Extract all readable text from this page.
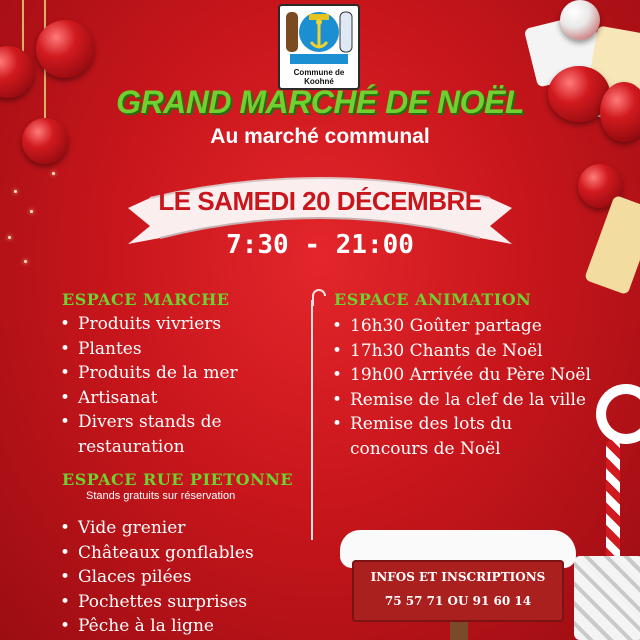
Commune de Koohné
GRAND MARCHÉ DE NOËL
Au marché communal
LE SAMEDI 20 DÉCEMBRE
7:30 - 21:00
ESPACE MARCHE
• Produits vivriers
• Plantes
• Produits de la mer
• Artisanat
• Divers stands de restauration
ESPACE RUE PIETONNE
Stands gratuits sur réservation
• Vide grenier
• Châteaux gonflables
• Glaces pilées
• Pochettes surprises
• Pêche à la ligne
ESPACE ANIMATION
• 16h30 Goûter partage
• 17h30 Chants de Noël
• 19h00 Arrivée du Père Noël
• Remise de la clef de la ville
• Remise des lots du concours de Noël
INFOS ET INSCRIPTIONS
75 57 71 OU 91 60 14
